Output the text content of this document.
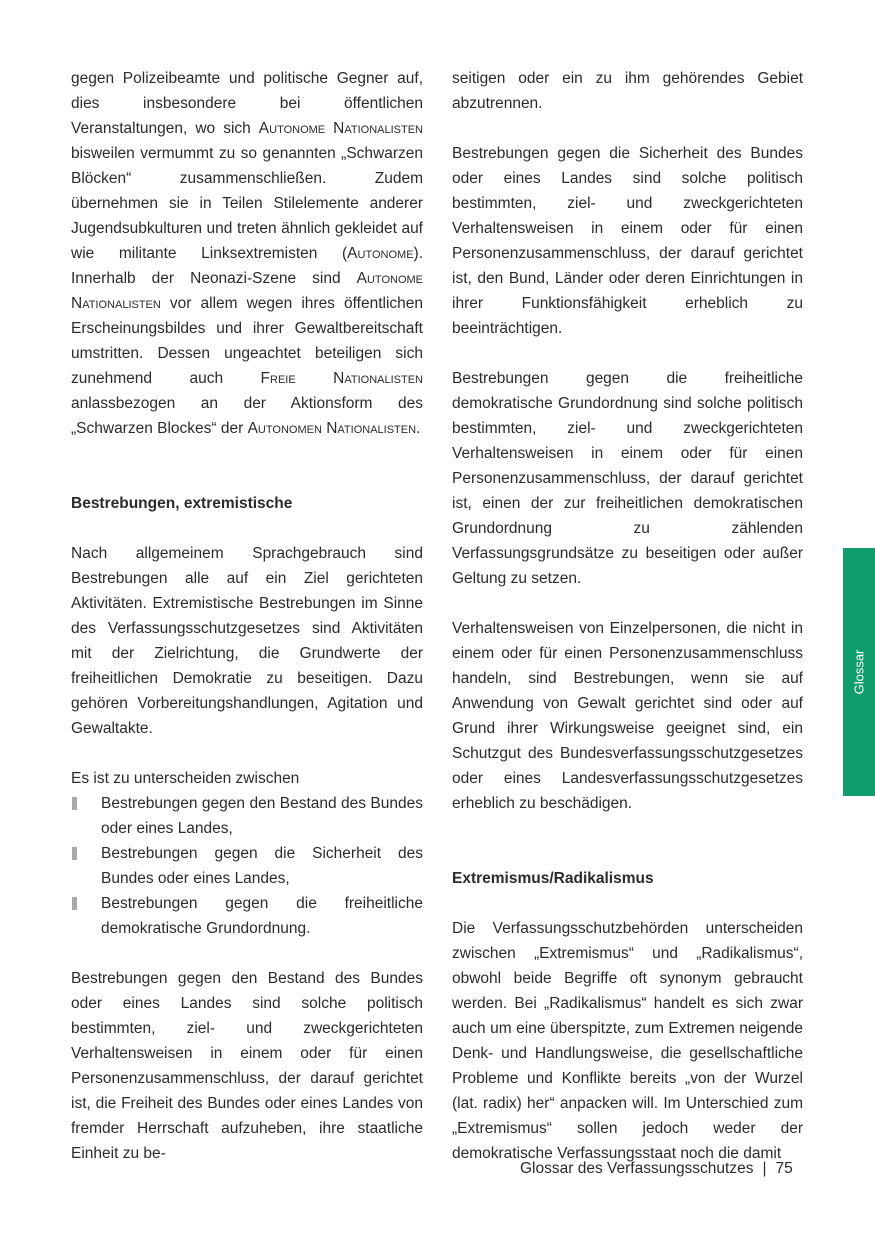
gegen Polizeibeamte und politische Gegner auf, dies insbesondere bei öffentlichen Veranstaltungen, wo sich Autonome Nationalisten bisweilen vermummt zu so genannten „Schwarzen Blöcken“ zusammenschließen. Zudem übernehmen sie in Teilen Stilelemente anderer Jugendsubkulturen und treten ähnlich gekleidet auf wie militante Linksextremisten (Autonome). Innerhalb der Neonazi-Szene sind Autonome Nationalisten vor allem wegen ihres öffentlichen Erscheinungsbildes und ihrer Gewaltbereitschaft umstritten. Dessen ungeachtet beteiligen sich zunehmend auch Freie Nationalisten anlassbezogen an der Aktionsform des „Schwarzen Blockes“ der Autonomen Nationalisten.

Bestrebungen, extremistische

Nach allgemeinem Sprachgebrauch sind Bestrebungen alle auf ein Ziel gerichteten Aktivitäten. Extremistische Bestrebungen im Sinne des Verfassungsschutzgesetzes sind Aktivitäten mit der Zielrichtung, die Grundwerte der freiheitlichen Demokratie zu beseitigen. Dazu gehören Vorbereitungshandlungen, Agitation und Gewaltakte.

Es ist zu unterscheiden zwischen

Bestrebungen gegen den Bestand des Bundes oder eines Landes,
Bestrebungen gegen die Sicherheit des Bundes oder eines Landes,
Bestrebungen gegen die freiheitliche demokratische Grundordnung.

Bestrebungen gegen den Bestand des Bundes oder eines Landes sind solche politisch bestimmten, ziel- und zweckgerichteten Verhaltensweisen in einem oder für einen Personenzusammenschluss, der darauf gerichtet ist, die Freiheit des Bundes oder eines Landes von fremder Herrschaft aufzuheben, ihre staatliche Einheit zu be-

seitigen oder ein zu ihm gehörendes Gebiet abzutrennen.

Bestrebungen gegen die Sicherheit des Bundes oder eines Landes sind solche politisch bestimmten, ziel- und zweckgerichteten Verhaltensweisen in einem oder für einen Personenzusammenschluss, der darauf gerichtet ist, den Bund, Länder oder deren Einrichtungen in ihrer Funktionsfähigkeit erheblich zu beeinträchtigen.

Bestrebungen gegen die freiheitliche demokratische Grundordnung sind solche politisch bestimmten, ziel- und zweckgerichteten Verhaltensweisen in einem oder für einen Personenzusammenschluss, der darauf gerichtet ist, einen der zur freiheitlichen demokratischen Grundordnung zu zählenden Verfassungsgrundsätze zu beseitigen oder außer Geltung zu setzen.

Verhaltensweisen von Einzelpersonen, die nicht in einem oder für einen Personenzusammenschluss handeln, sind Bestrebungen, wenn sie auf Anwendung von Gewalt gerichtet sind oder auf Grund ihrer Wirkungsweise geeignet sind, ein Schutzgut des Bundesverfassungsschutzgesetzes oder eines Landesverfassungsschutzgesetzes erheblich zu beschädigen.

Extremismus/Radikalismus

Die Verfassungsschutzbehörden unterscheiden zwischen „Extremismus“ und „Radikalismus“, obwohl beide Begriffe oft synonym gebraucht werden. Bei „Radikalismus“ handelt es sich zwar auch um eine überspitzte, zum Extremen neigende Denk- und Handlungsweise, die gesellschaftliche Probleme und Konflikte bereits „von der Wurzel (lat. radix) her“ anpacken will. Im Unterschied zum „Extremismus“ sollen jedoch weder der demokratische Verfassungsstaat noch die damit

Glossar
Glossar des Verfassungsschutzes | 75
